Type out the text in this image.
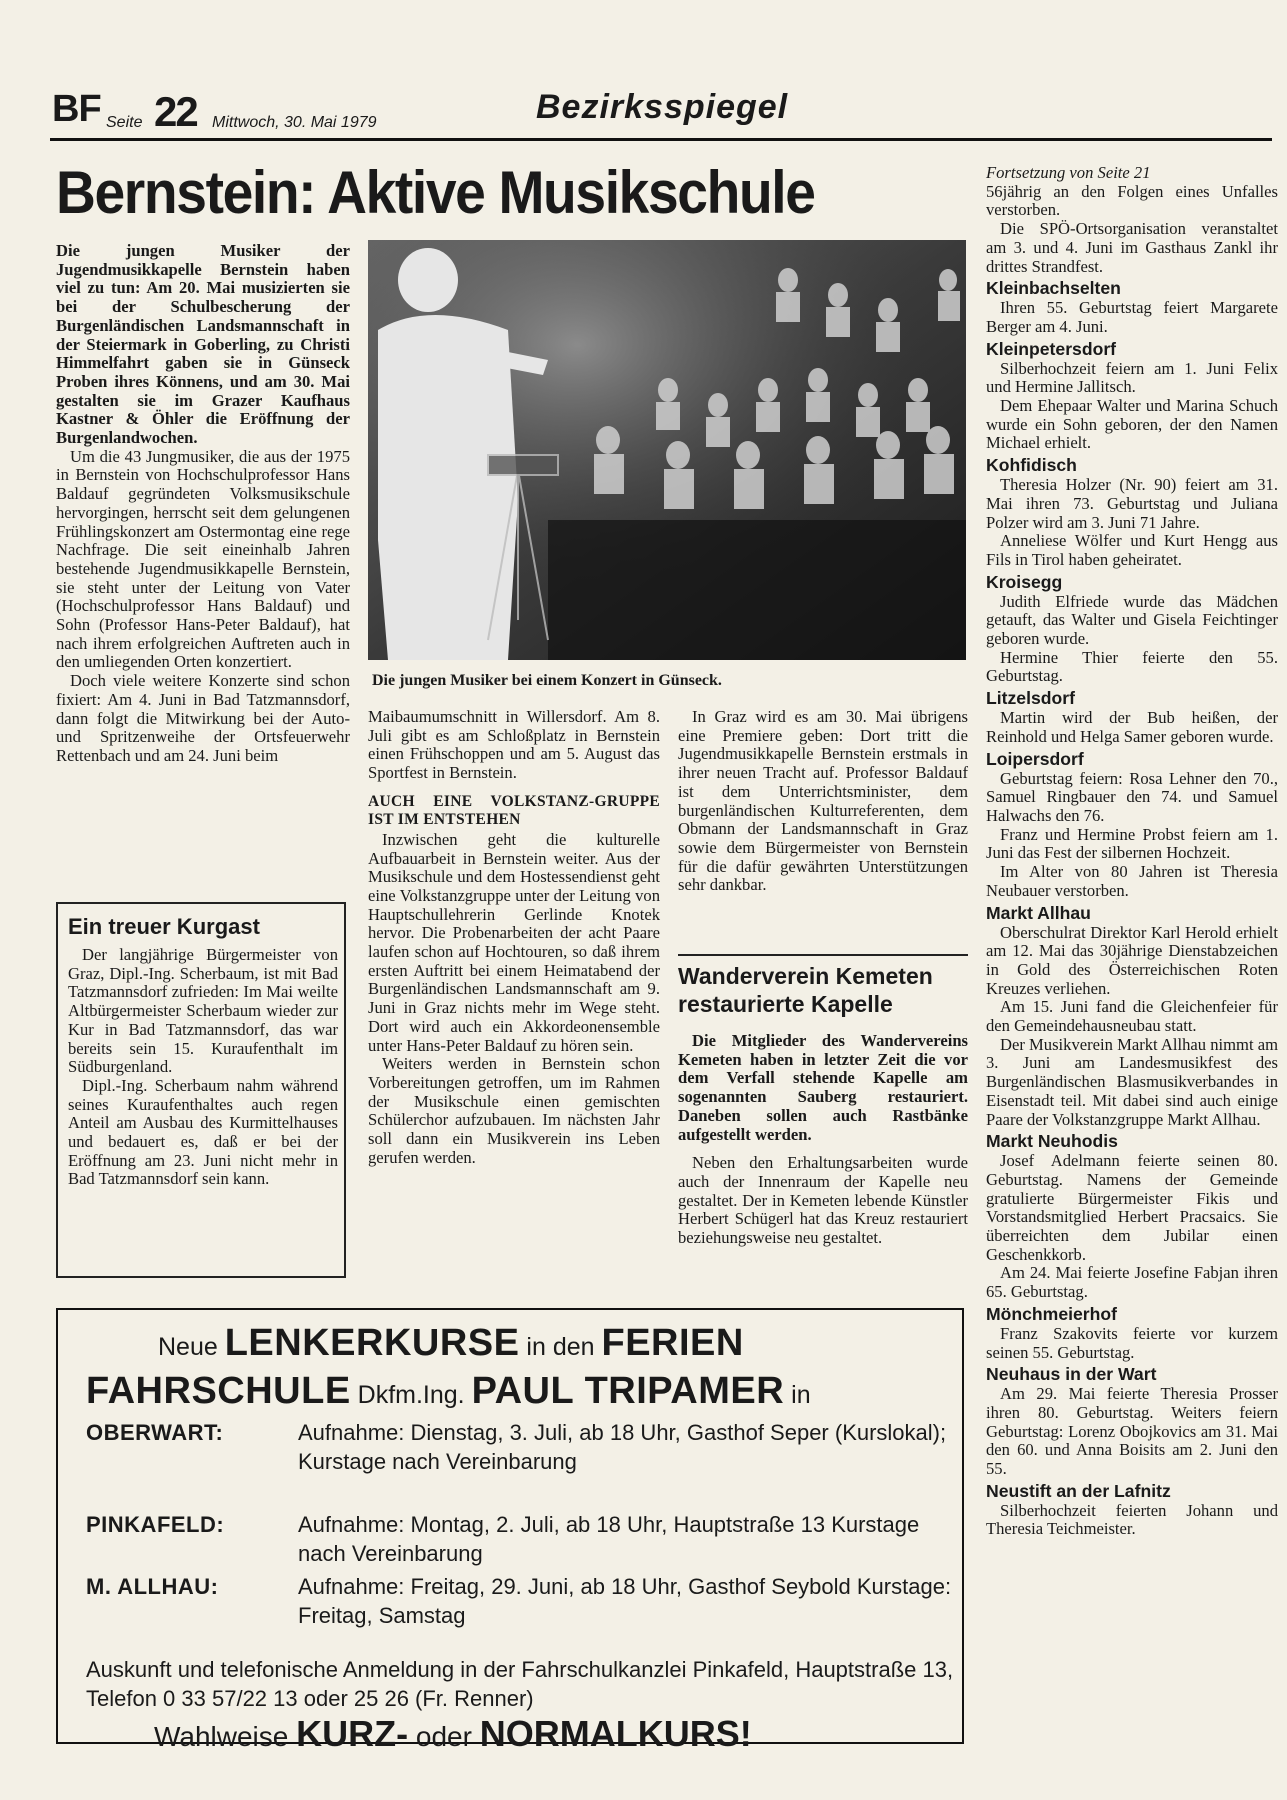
BF Seite 22 Mittwoch, 30. Mai 1979	Bezirksspiegel
Bernstein: Aktive Musikschule

Die jungen Musiker der Jugendmusikkapelle Bernstein haben viel zu tun: Am 20. Mai musizierten sie bei der Schulbescherung der Burgenländischen Landsmannschaft in der Steiermark in Goberling, zu Christi Himmelfahrt gaben sie in Günseck Proben ihres Könnens, und am 30. Mai gestalten sie im Grazer Kaufhaus Kastner & Öhler die Eröffnung der Burgenlandwochen.

Um die 43 Jungmusiker, die aus der 1975 in Bernstein von Hochschulprofessor Hans Baldauf gegründeten Volksmusikschule hervorgingen, herrscht seit dem gelungenen Frühlingskonzert am Ostermontag eine rege Nachfrage. Die seit eineinhalb Jahren bestehende Jugendmusikkapelle Bernstein, sie steht unter der Leitung von Vater (Hochschulprofessor Hans Baldauf) und Sohn (Professor Hans-Peter Baldauf), hat nach ihrem erfolgreichen Auftreten auch in den umliegenden Orten konzertiert.

Doch viele weitere Konzerte sind schon fixiert: Am 4. Juni in Bad Tatzmannsdorf, dann folgt die Mitwirkung bei der Auto- und Spritzenweihe der Ortsfeuerwehr Rettenbach und am 24. Juni beim

Die jungen Musiker bei einem Konzert in Günseck.

Maibaumumschnitt in Willersdorf. Am 8. Juli gibt es am Schloßplatz in Bernstein einen Frühschoppen und am 5. August das Sportfest in Bernstein.

AUCH EINE VOLKSTANZ-GRUPPE IST IM ENTSTEHEN

Inzwischen geht die kulturelle Aufbauarbeit in Bernstein weiter. Aus der Musikschule und dem Hostessendienst geht eine Volkstanzgruppe unter der Leitung von Hauptschullehrerin Gerlinde Knotek hervor. Die Probenarbeiten der acht Paare laufen schon auf Hochtouren, so daß ihrem ersten Auftritt bei einem Heimatabend der Burgenländischen Landsmannschaft am 9. Juni in Graz nichts mehr im Wege steht. Dort wird auch ein Akkordeonensemble unter Hans-Peter Baldauf zu hören sein.

Weiters werden in Bernstein schon Vorbereitungen getroffen, um im Rahmen der Musikschule einen gemischten Schülerchor aufzubauen. Im nächsten Jahr soll dann ein Musikverein ins Leben gerufen werden.

In Graz wird es am 30. Mai übrigens eine Premiere geben: Dort tritt die Jugendmusikkapelle Bernstein erstmals in ihrer neuen Tracht auf. Professor Baldauf ist dem Unterrichtsminister, dem burgenländischen Kulturreferenten, dem Obmann der Landsmannschaft in Graz sowie dem Bürgermeister von Bernstein für die dafür gewährten Unterstützungen sehr dankbar.

Ein treuer Kurgast

Der langjährige Bürgermeister von Graz, Dipl.-Ing. Scherbaum, ist mit Bad Tatzmannsdorf zufrieden: Im Mai weilte Altbürgermeister Scherbaum wieder zur Kur in Bad Tatzmannsdorf, das war bereits sein 15. Kuraufenthalt im Südburgenland.

Dipl.-Ing. Scherbaum nahm während seines Kuraufenthaltes auch regen Anteil am Ausbau des Kurmittelhauses und bedauert es, daß er bei der Eröffnung am 23. Juni nicht mehr in Bad Tatzmannsdorf sein kann.

Wanderverein Kemeten restaurierte Kapelle

Die Mitglieder des Wandervereins Kemeten haben in letzter Zeit die vor dem Verfall stehende Kapelle am sogenannten Sauberg restauriert. Daneben sollen auch Rastbänke aufgestellt werden.

Neben den Erhaltungsarbeiten wurde auch der Innenraum der Kapelle neu gestaltet. Der in Kemeten lebende Künstler Herbert Schügerl hat das Kreuz restauriert beziehungsweise neu gestaltet.

Neue LENKERKURSE in den FERIEN
FAHRSCHULE Dkfm.Ing. PAUL TRIPAMER in
OBERWART:	Aufnahme: Dienstag, 3. Juli, ab 18 Uhr, Gasthof Seper (Kurslokal); Kurstage nach Vereinbarung
PINKAFELD:	Aufnahme: Montag, 2. Juli, ab 18 Uhr, Hauptstraße 13 Kurstage nach Vereinbarung
M. ALLHAU:	Aufnahme: Freitag, 29. Juni, ab 18 Uhr, Gasthof Seybold Kurstage: Freitag, Samstag
Auskunft und telefonische Anmeldung in der Fahrschulkanzlei Pinkafeld, Hauptstraße 13, Telefon 0 33 57/22 13 oder 25 26 (Fr. Renner)
Wahlweise KURZ- oder NORMALKURS!
Fortsetzung von Seite 21

56jährig an den Folgen eines Unfalles verstorben.

Die SPÖ-Ortsorganisation veranstaltet am 3. und 4. Juni im Gasthaus Zankl ihr drittes Strandfest.

Kleinbachselten

Ihren 55. Geburtstag feiert Margarete Berger am 4. Juni.

Kleinpetersdorf

Silberhochzeit feiern am 1. Juni Felix und Hermine Jallitsch.

Dem Ehepaar Walter und Marina Schuch wurde ein Sohn geboren, der den Namen Michael erhielt.

Kohfidisch

Theresia Holzer (Nr. 90) feiert am 31. Mai ihren 73. Geburtstag und Juliana Polzer wird am 3. Juni 71 Jahre.

Anneliese Wölfer und Kurt Hengg aus Fils in Tirol haben geheiratet.

Kroisegg

Judith Elfriede wurde das Mädchen getauft, das Walter und Gisela Feichtinger geboren wurde.

Hermine Thier feierte den 55. Geburtstag.

Litzelsdorf

Martin wird der Bub heißen, der Reinhold und Helga Samer geboren wurde.

Loipersdorf

Geburtstag feiern: Rosa Lehner den 70., Samuel Ringbauer den 74. und Samuel Halwachs den 76.

Franz und Hermine Probst feiern am 1. Juni das Fest der silbernen Hochzeit.

Im Alter von 80 Jahren ist Theresia Neubauer verstorben.

Markt Allhau

Oberschulrat Direktor Karl Herold erhielt am 12. Mai das 30jährige Dienstabzeichen in Gold des Österreichischen Roten Kreuzes verliehen.

Am 15. Juni fand die Gleichenfeier für den Gemeindehausneubau statt.

Der Musikverein Markt Allhau nimmt am 3. Juni am Landesmusikfest des Burgenländischen Blasmusikverbandes in Eisenstadt teil. Mit dabei sind auch einige Paare der Volkstanzgruppe Markt Allhau.

Markt Neuhodis

Josef Adelmann feierte seinen 80. Geburtstag. Namens der Gemeinde gratulierte Bürgermeister Fikis und Vorstandsmitglied Herbert Pracsaics. Sie überreichten dem Jubilar einen Geschenkkorb.

Am 24. Mai feierte Josefine Fabjan ihren 65. Geburtstag.

Mönchmeierhof

Franz Szakovits feierte vor kurzem seinen 55. Geburtstag.

Neuhaus in der Wart

Am 29. Mai feierte Theresia Prosser ihren 80. Geburtstag. Weiters feiern Geburtstag: Lorenz Obojkovics am 31. Mai den 60. und Anna Boisits am 2. Juni den 55.

Neustift an der Lafnitz

Silberhochzeit feierten Johann und Theresia Teichmeister.
